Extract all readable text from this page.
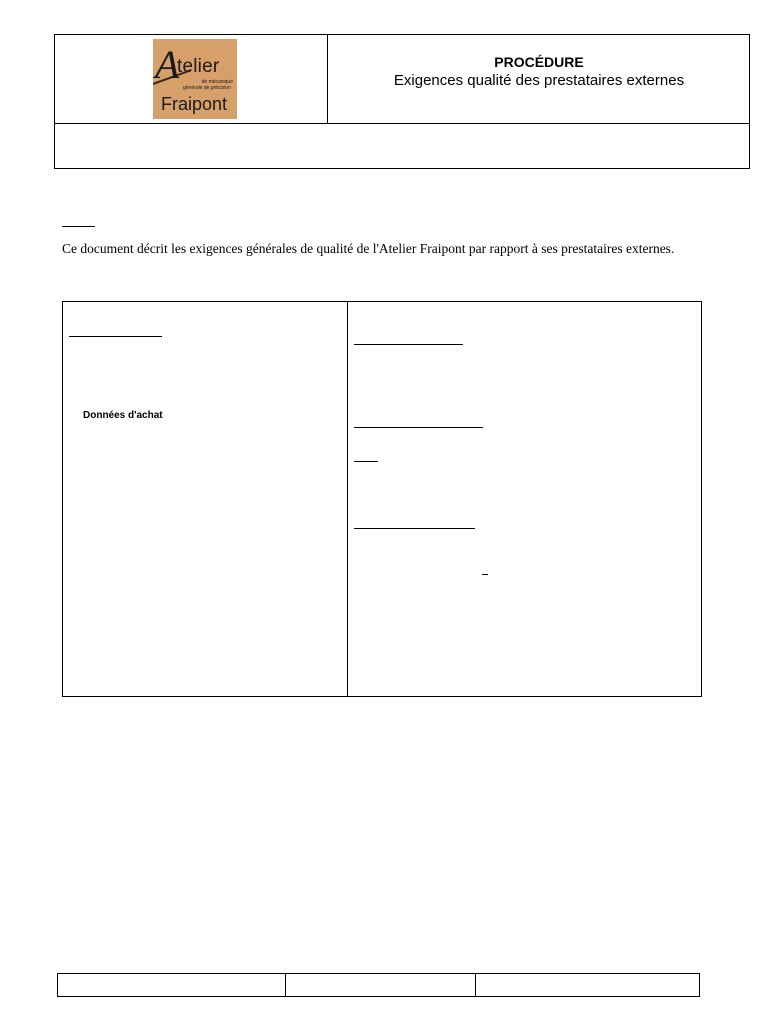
A
telier
de mécanique
générale de précision
Fraipont
PROCÉDURE
Exigences qualité des prestataires externes
Ce document décrit les exigences générales de qualité de l'Atelier Fraipont par rapport à ses prestataires externes.
Données d'achat
